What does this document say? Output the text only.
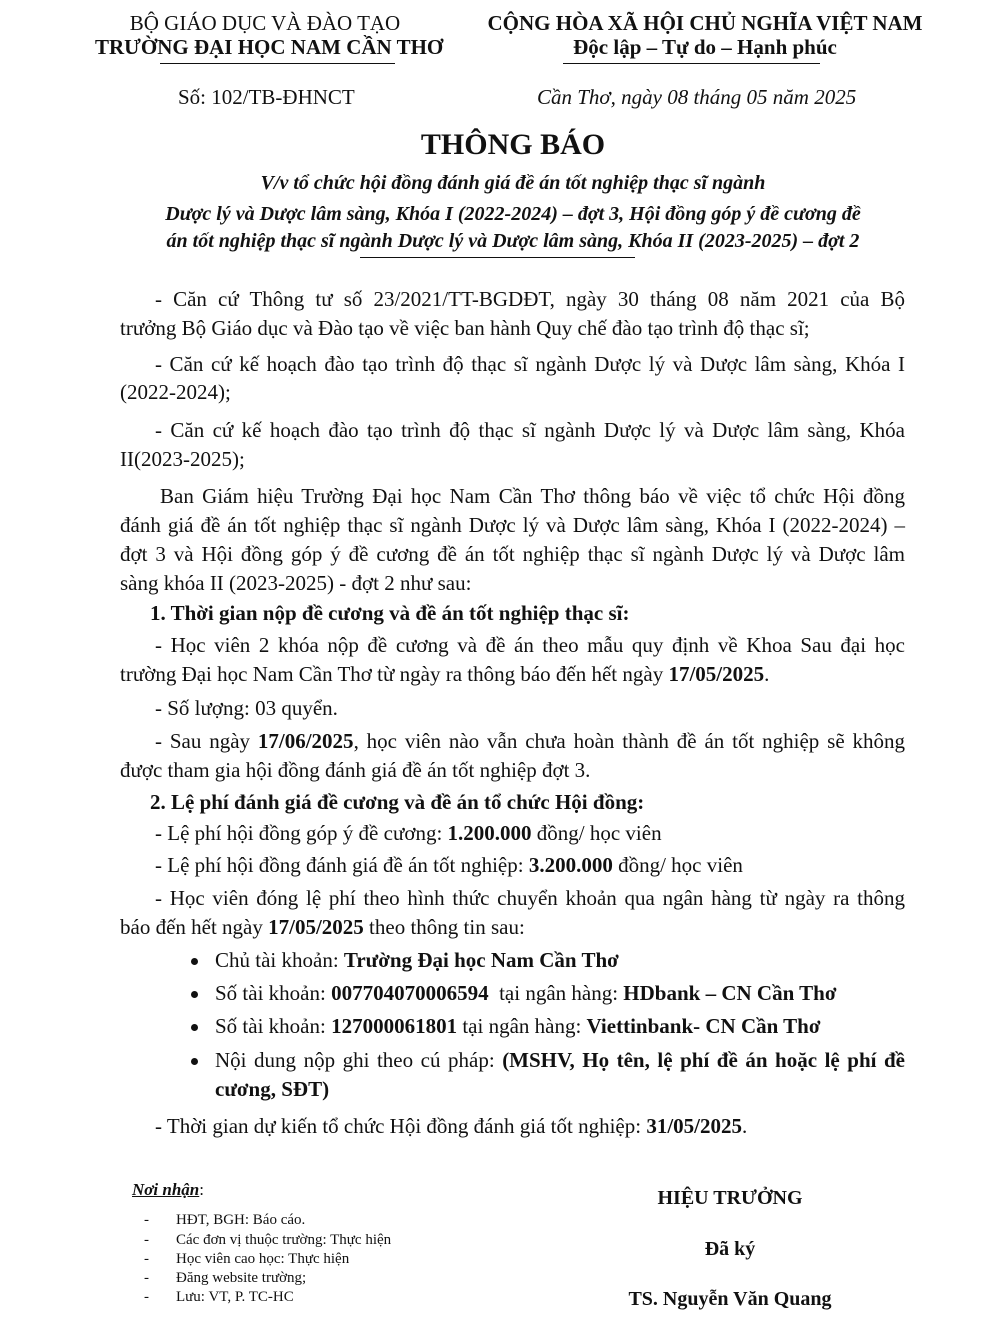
BỘ GIÁO DỤC VÀ ĐÀO TẠO
TRƯỜNG ĐẠI HỌC NAM CẦN THƠ
CỘNG HÒA XÃ HỘI CHỦ NGHĨA VIỆT NAM
Độc lập – Tự do – Hạnh phúc
Số: 102/TB-ĐHNCT	Cần Thơ, ngày 08 tháng 05 năm 2025
THÔNG BÁO
V/v tổ chức hội đồng đánh giá đề án tốt nghiệp thạc sĩ ngành
Dược lý và Dược lâm sàng, Khóa I (2022-2024) – đợt 3, Hội đồng góp ý đề cương đề
án tốt nghiệp thạc sĩ ngành Dược lý và Dược lâm sàng, Khóa II (2023-2025) – đợt 2
- Căn cứ Thông tư số 23/2021/TT-BGDĐT, ngày 30 tháng 08 năm 2021 của Bộ
trưởng Bộ Giáo dục và Đào tạo về việc ban hành Quy chế đào tạo trình độ thạc sĩ;
- Căn cứ kế hoạch đào tạo trình độ thạc sĩ ngành Dược lý và Dược lâm sàng, Khóa I
(2022-2024);
- Căn cứ kế hoạch đào tạo trình độ thạc sĩ ngành Dược lý và Dược lâm sàng, Khóa
II(2023-2025);
Ban Giám hiệu Trường Đại học Nam Cần Thơ thông báo về việc tổ chức Hội đồng
đánh giá đề án tốt nghiệp thạc sĩ ngành Dược lý và Dược lâm sàng, Khóa I (2022-2024) –
đợt 3 và Hội đồng góp ý đề cương đề án tốt nghiệp thạc sĩ ngành Dược lý và Dược lâm
sàng khóa II (2023-2025) - đợt 2 như sau:
1. Thời gian nộp đề cương và đề án tốt nghiệp thạc sĩ:
- Học viên 2 khóa nộp đề cương và đề án theo mẫu quy định về Khoa Sau đại học
trường Đại học Nam Cần Thơ từ ngày ra thông báo đến hết ngày 17/05/2025.
- Số lượng: 03 quyển.
- Sau ngày 17/06/2025, học viên nào vẫn chưa hoàn thành đề án tốt nghiệp sẽ không
được tham gia hội đồng đánh giá đề án tốt nghiệp đợt 3.
2. Lệ phí đánh giá đề cương và đề án tổ chức Hội đồng:
- Lệ phí hội đồng góp ý đề cương: 1.200.000 đồng/ học viên
- Lệ phí hội đồng đánh giá đề án tốt nghiệp: 3.200.000 đồng/ học viên
- Học viên đóng lệ phí theo hình thức chuyển khoản qua ngân hàng từ ngày ra thông
báo đến hết ngày 17/05/2025 theo thông tin sau:
Chủ tài khoản: Trường Đại học Nam Cần Thơ
Số tài khoản: 007704070006594  tại ngân hàng: HDbank – CN Cần Thơ
Số tài khoản: 127000061801 tại ngân hàng: Viettinbank- CN Cần Thơ
Nội dung nộp ghi theo cú pháp: (MSHV, Họ tên, lệ phí đề án hoặc lệ phí đề
cương, SĐT)
- Thời gian dự kiến tổ chức Hội đồng đánh giá tốt nghiệp: 31/05/2025.
Nơi nhận:
- HĐT, BGH: Báo cáo.
- Các đơn vị thuộc trường: Thực hiện
- Học viên cao học: Thực hiện
- Đăng website trường;
- Lưu: VT, P. TC-HC
HIỆU TRƯỞNG
Đã ký
TS. Nguyễn Văn Quang
